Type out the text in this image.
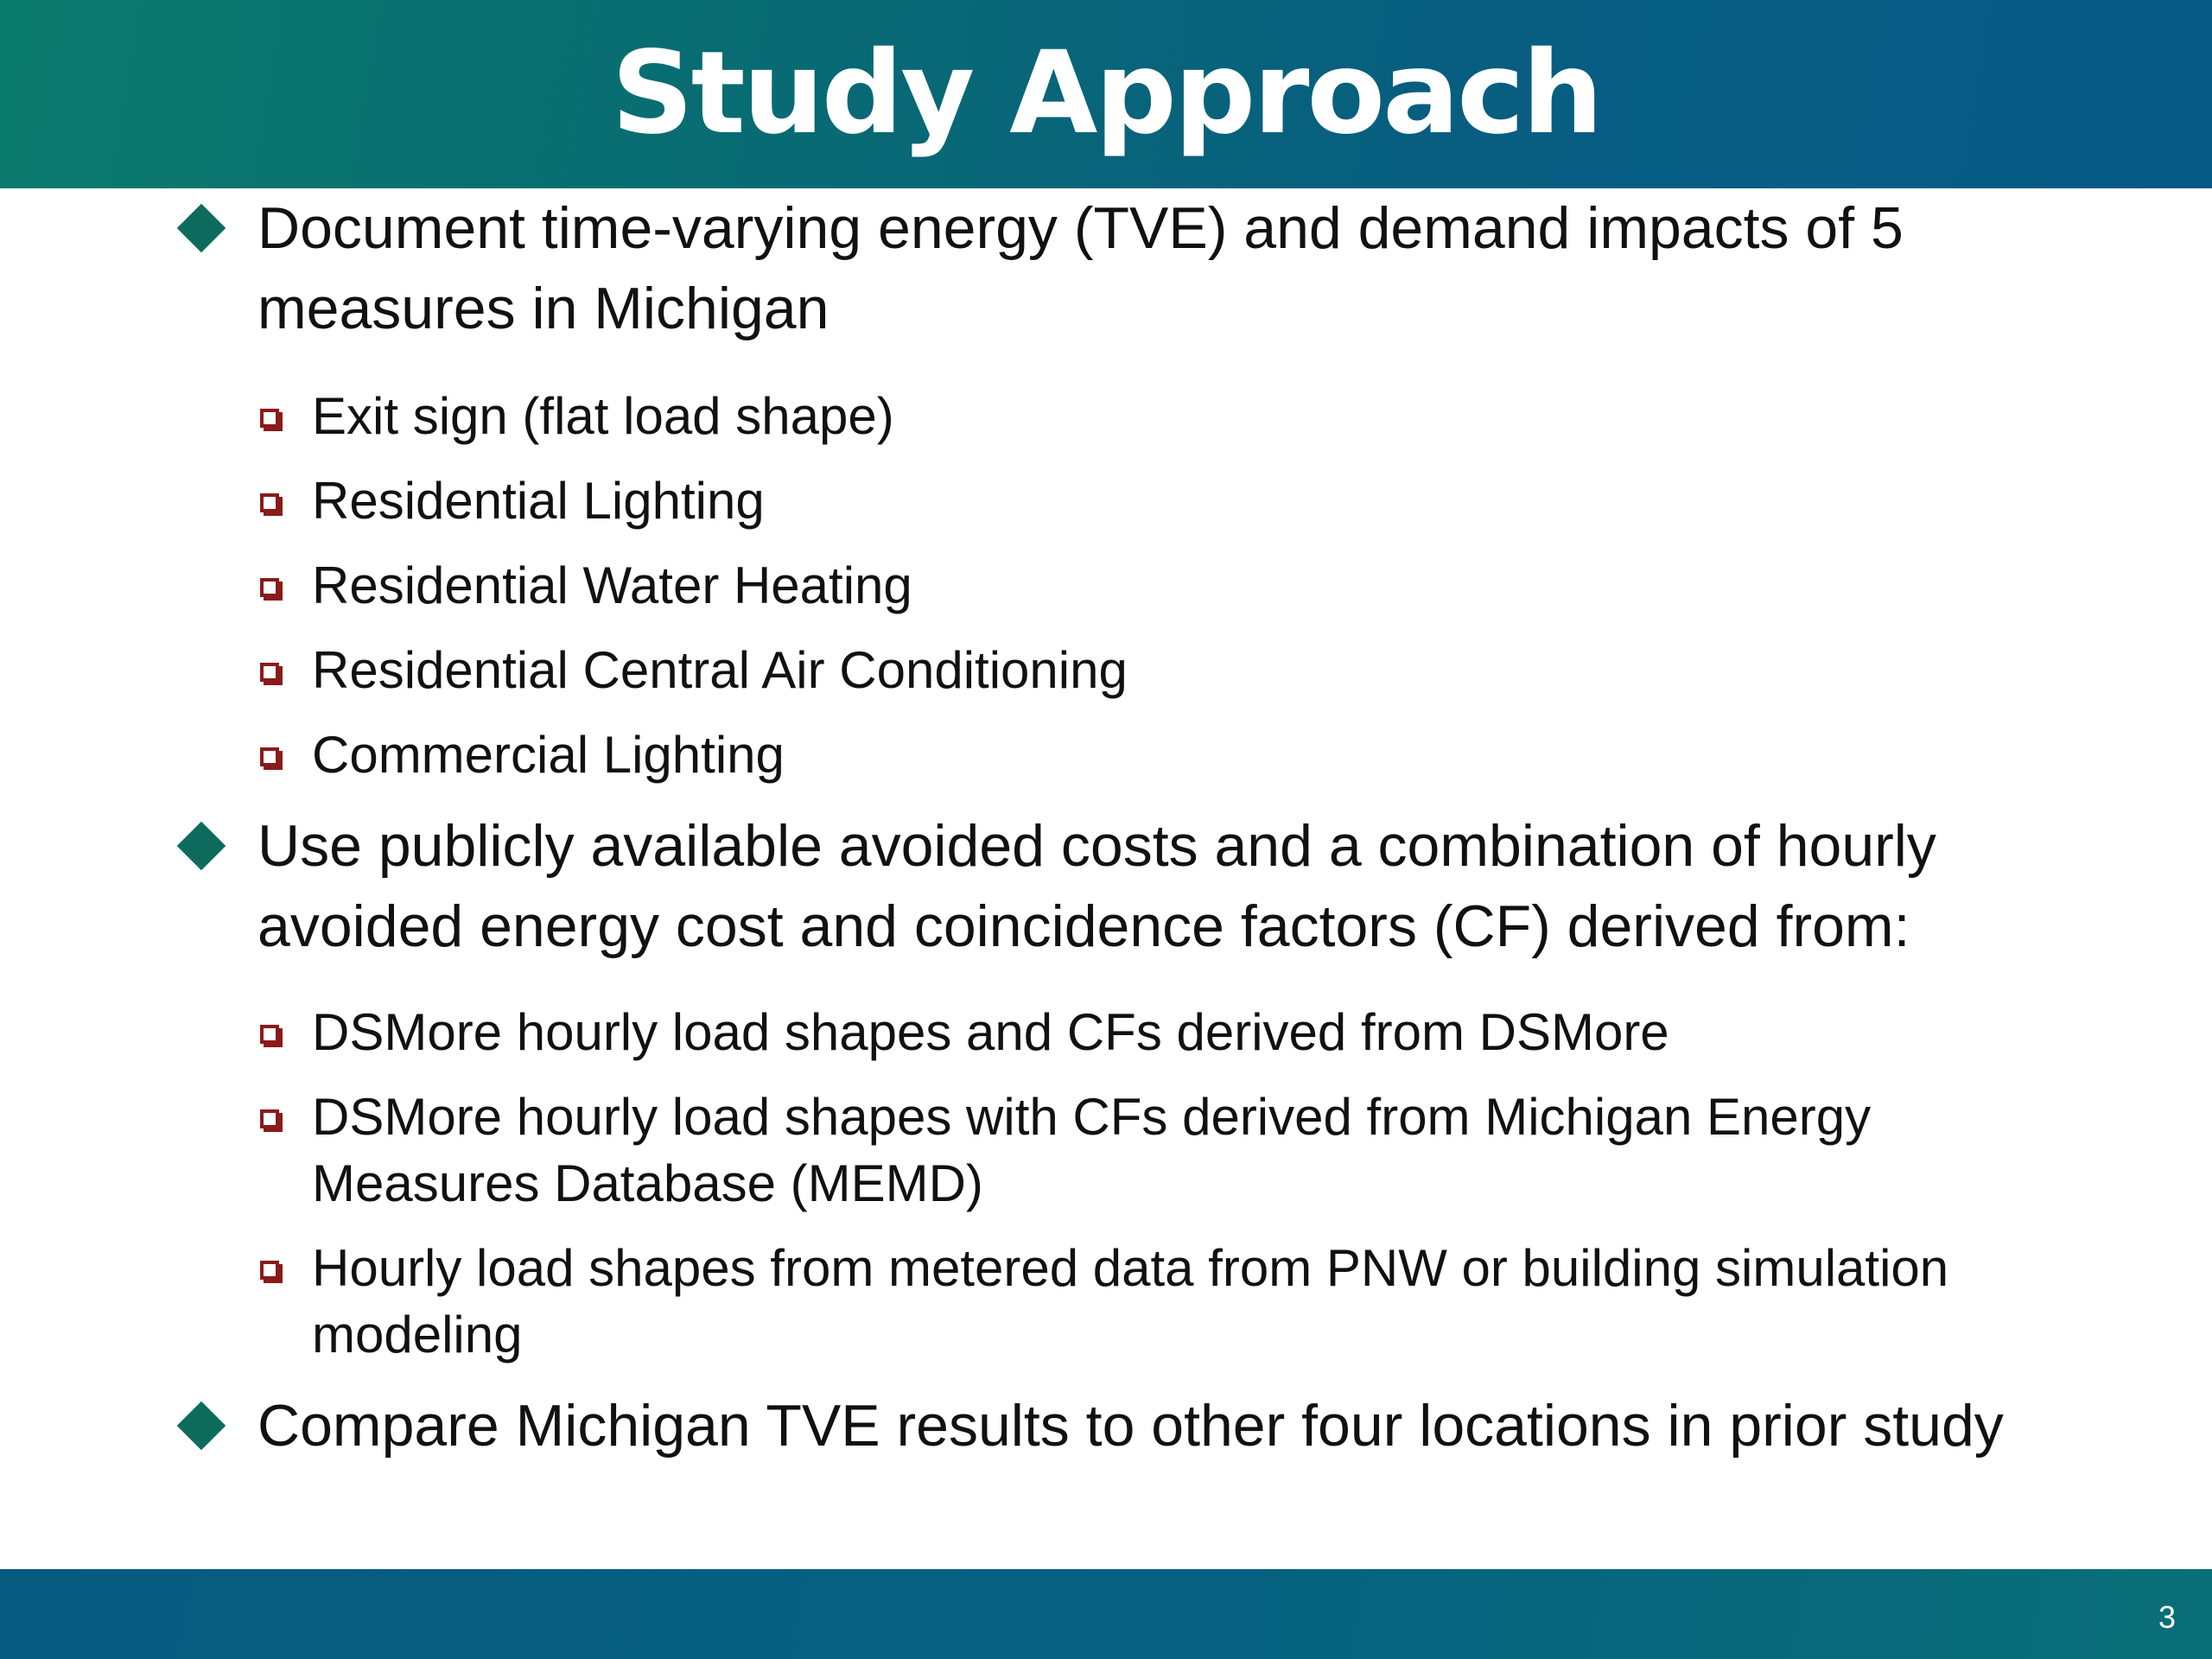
Study Approach
Document time-varying energy (TVE) and demand impacts of 5 measures in Michigan
Exit sign (flat load shape)
Residential Lighting
Residential Water Heating
Residential Central Air Conditioning
Commercial Lighting
Use publicly available avoided costs and a combination of hourly avoided energy cost and coincidence factors (CF) derived from:
DSMore hourly load shapes and CFs derived from DSMore
DSMore hourly load shapes with CFs derived from Michigan Energy Measures Database (MEMD)
Hourly load shapes from metered data from PNW or building simulation modeling
Compare Michigan TVE results to other four locations in prior study
3
